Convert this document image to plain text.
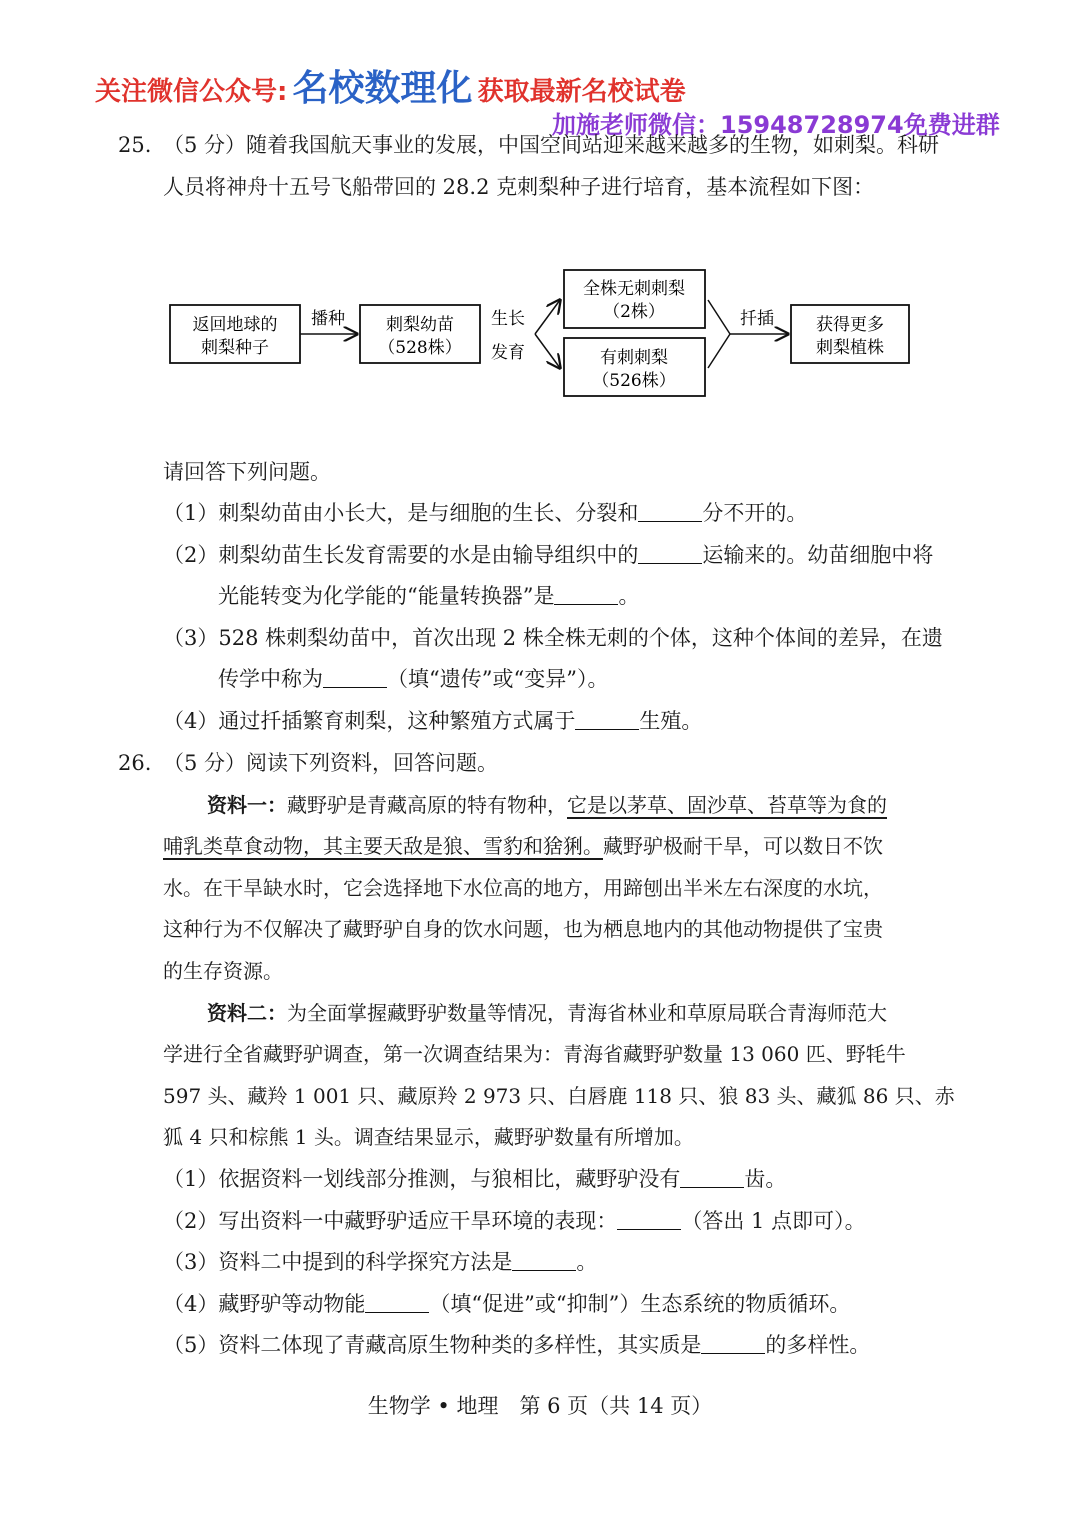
关注微信公众号: 名校数理化 获取最新名校试卷
加施老师微信：15948728974免费进群
25. （5 分）随着我国航天事业的发展，中国空间站迎来越来越多的生物，如刺梨。科研
人员将神舟十五号飞船带回的 28.2 克刺梨种子进行培育，基本流程如下图：
返回地球的
刺梨种子
播种 刺梨幼苗
（528株）
生长
发育
全株无刺刺梨
（2株）
有刺刺梨
（526株）
扦插 获得更多
刺梨植株
请回答下列问题。
（1）刺梨幼苗由小长大，是与细胞的生长、分裂和	分不开的。
（2）刺梨幼苗生长发育需要的水是由输导组织中的	运输来的。幼苗细胞中将
光能转变为化学能的“能量转换器”是	。
（3）528 株刺梨幼苗中，首次出现 2 株全株无刺的个体，这种个体间的差异，在遗
传学中称为	（填“遗传”或“变异”）。
（4）通过扦插繁育刺梨，这种繁殖方式属于	生殖。
26. （5 分）阅读下列资料，回答问题。
资料一：藏野驴是青藏高原的特有物种，它是以茅草、固沙草、苔草等为食的
哺乳类草食动物，其主要天敌是狼、雪豹和猞猁。藏野驴极耐干旱，可以数日不饮
水。在干旱缺水时，它会选择地下水位高的地方，用蹄刨出半米左右深度的水坑，
这种行为不仅解决了藏野驴自身的饮水问题，也为栖息地内的其他动物提供了宝贵
的生存资源。
资料二：为全面掌握藏野驴数量等情况，青海省林业和草原局联合青海师范大
学进行全省藏野驴调查，第一次调查结果为：青海省藏野驴数量 13 060 匹、野牦牛
597 头、藏羚 1 001 只、藏原羚 2 973 只、白唇鹿 118 只、狼 83 头、藏狐 86 只、赤
狐 4 只和棕熊 1 头。调查结果显示，藏野驴数量有所增加。
（1）依据资料一划线部分推测，与狼相比，藏野驴没有	齿。
（2）写出资料一中藏野驴适应干旱环境的表现：	（答出 1 点即可）。
（3）资料二中提到的科学探究方法是	。
（4）藏野驴等动物能	（填“促进”或“抑制”）生态系统的物质循环。
（5）资料二体现了青藏高原生物种类的多样性，其实质是	的多样性。
生物学 • 地理　第 6 页（共 14 页）
